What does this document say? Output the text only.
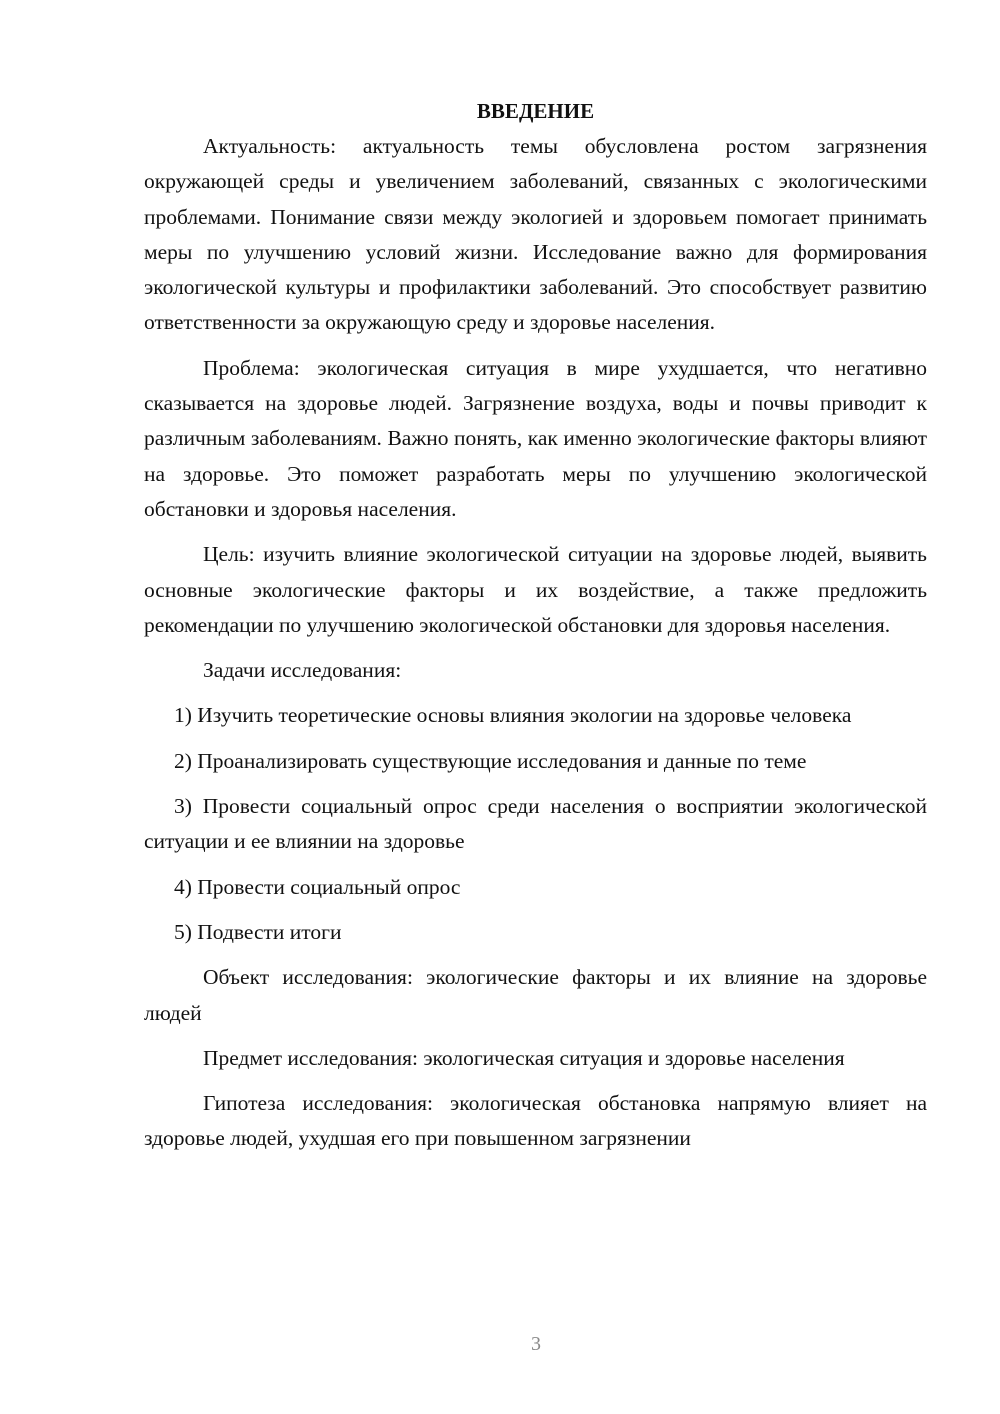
ВВЕДЕНИЕ

Актуальность: актуальность темы обусловлена ростом загрязнения окружающей среды и увеличением заболеваний, связанных с экологическими проблемами. Понимание связи между экологией и здоровьем помогает принимать меры по улучшению условий жизни. Исследование важно для формирования экологической культуры и профилактики заболеваний. Это способствует развитию ответственности за окружающую среду и здоровье населения.

Проблема: экологическая ситуация в мире ухудшается, что негативно сказывается на здоровье людей. Загрязнение воздуха, воды и почвы приводит к различным заболеваниям. Важно понять, как именно экологические факторы влияют на здоровье. Это поможет разработать меры по улучшению экологической обстановки и здоровья населения.

Цель: изучить влияние экологической ситуации на здоровье людей, выявить основные экологические факторы и их воздействие, а также предложить рекомендации по улучшению экологической обстановки для здоровья населения.

Задачи исследования:

1) Изучить теоретические основы влияния экологии на здоровье человека

2) Проанализировать существующие исследования и данные по теме

3) Провести социальный опрос среди населения о восприятии экологической ситуации и ее влиянии на здоровье

4) Провести социальный опрос

5) Подвести итоги

Объект исследования: экологические факторы и их влияние на здоровье людей

Предмет исследования: экологическая ситуация и здоровье населения

Гипотеза исследования: экологическая обстановка напрямую влияет на здоровье людей, ухудшая его при повышенном загрязнении

3
